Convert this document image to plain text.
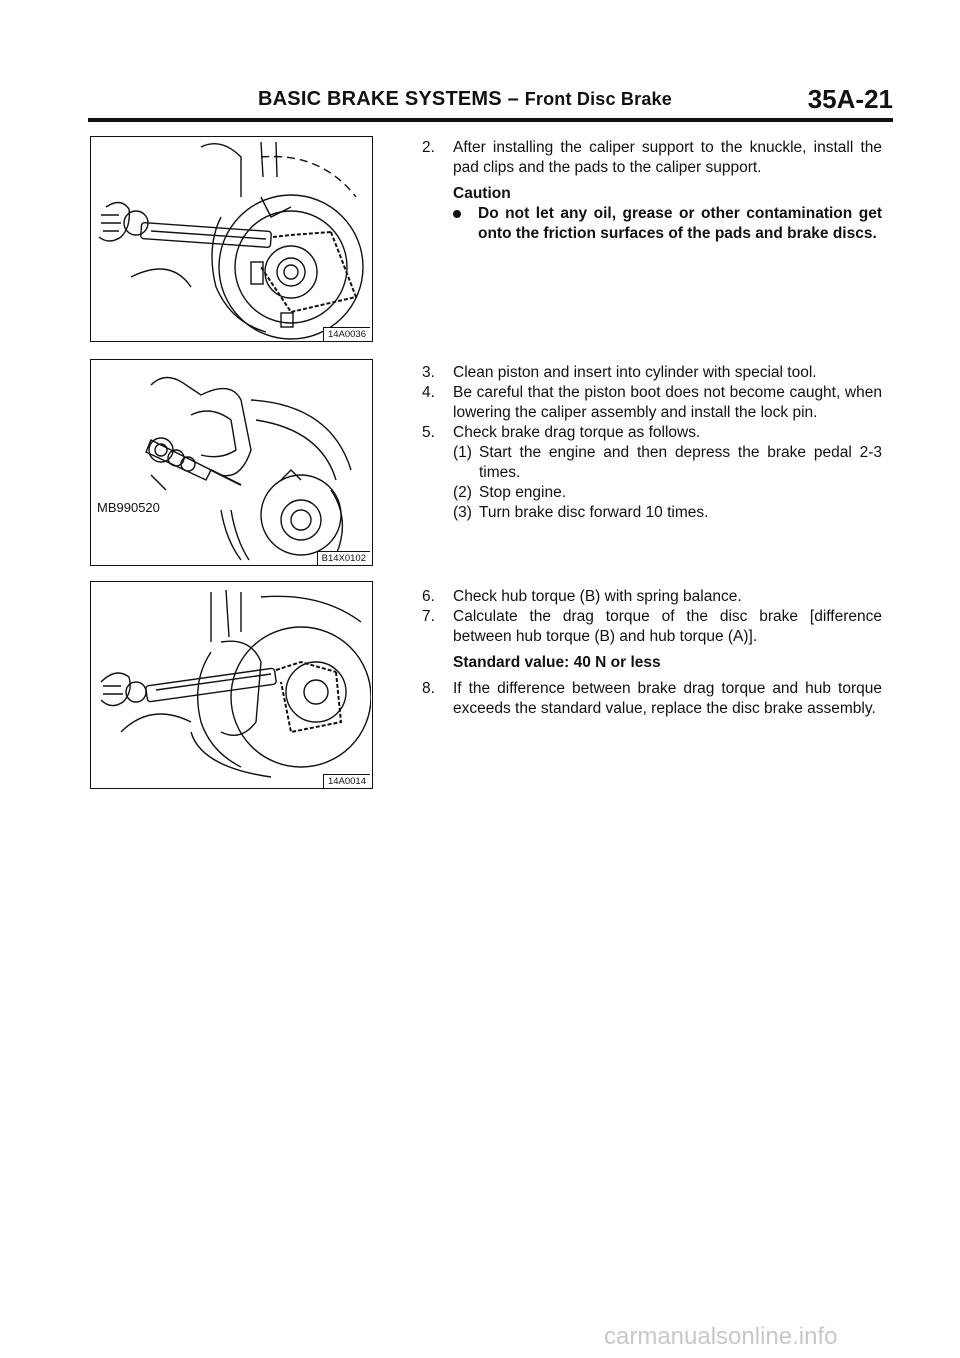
BASIC BRAKE SYSTEMS – Front Disc Brake	35A-21
14A0036
MB990520
B14X0102
14A0014
2. After installing the caliper support to the knuckle, install the pad clips and the pads to the caliper support.
Caution
Do not let any oil, grease or other contamination get onto the friction surfaces of the pads and brake discs.
3. Clean piston and insert into cylinder with special tool.
4. Be careful that the piston boot does not become caught, when lowering the caliper assembly and install the lock pin.
5. Check brake drag torque as follows.
(1) Start the engine and then depress the brake pedal 2-3 times.
(2) Stop engine.
(3) Turn brake disc forward 10 times.
6. Check hub torque (B) with spring balance.
7. Calculate the drag torque of the disc brake [difference between hub torque (B) and hub torque (A)].
Standard value: 40 N or less
8. If the difference between brake drag torque and hub torque exceeds the standard value, replace the disc brake assembly.
carmanualsonline.info
